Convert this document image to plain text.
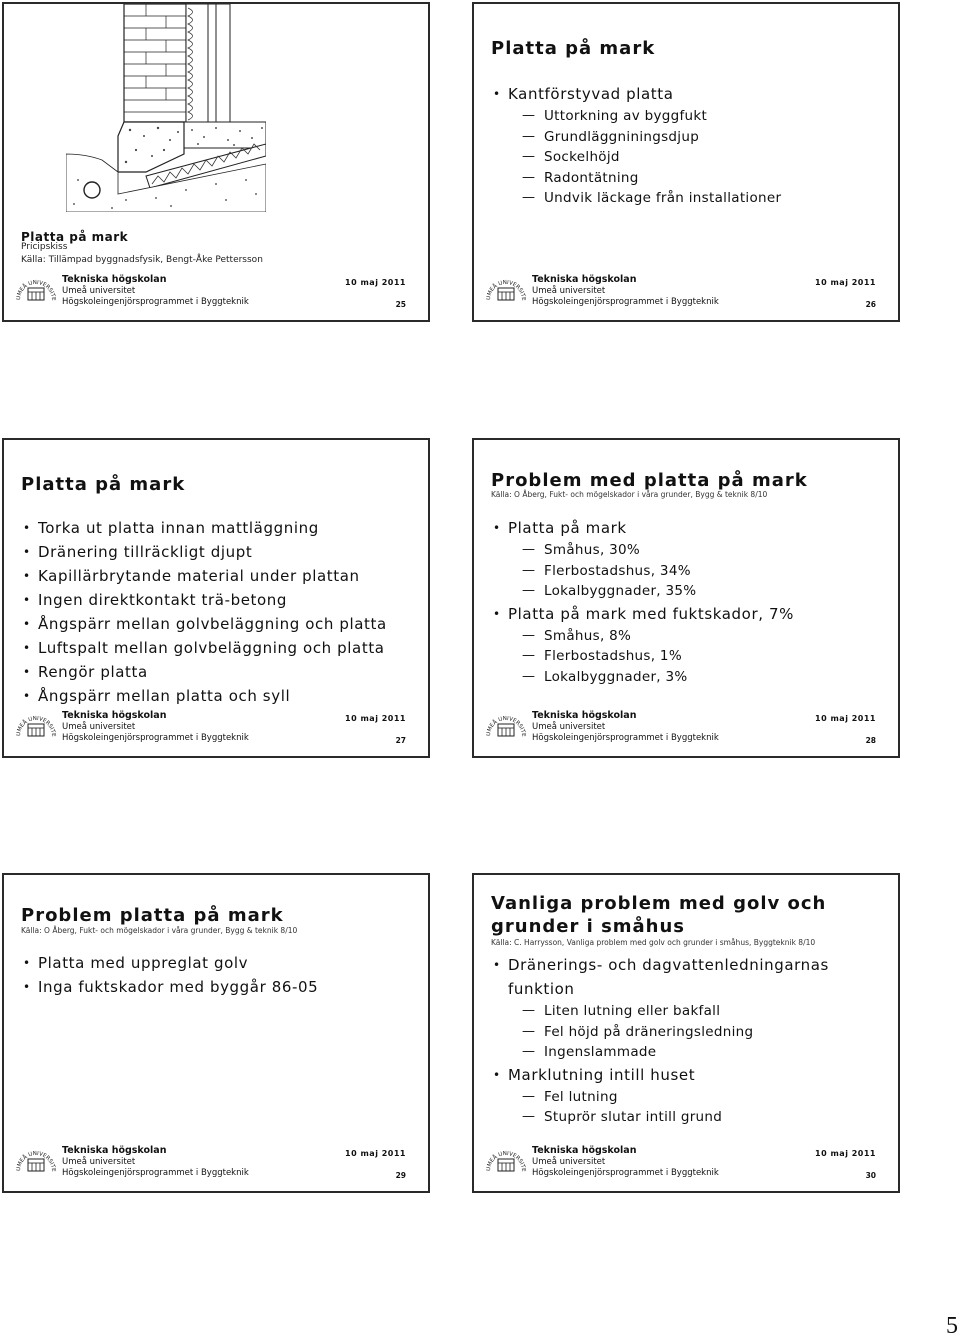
Pricipskiss

Källa: Tillämpad byggnadsfysik, Bengt-Åke Pettersson

Platta på mark
UMEÅ UNIVERSITE
Tekniska högskolan
Umeå universitet
Högskoleingenjörsprogrammet i Byggteknik
10 maj 2011
25
Platta på mark
• Kantförstyvad platta
— Uttorkning av byggfukt
— Grundläggniningsdjup
— Sockelhöjd
— Radontätning
— Undvik läckage från installationer
UMEÅ UNIVERSITE
Tekniska högskolan
Umeå universitet
Högskoleingenjörsprogrammet i Byggteknik
10 maj 2011
26
Platta på mark
• Torka ut platta innan mattläggning
• Dränering tillräckligt djupt
• Kapillärbrytande material under plattan
• Ingen direktkontakt trä-betong
• Ångspärr mellan golvbeläggning och platta
• Luftspalt mellan golvbeläggning och platta
• Rengör platta
• Ångspärr mellan platta och syll
UMEÅ UNIVERSITE
Tekniska högskolan
Umeå universitet
Högskoleingenjörsprogrammet i Byggteknik
10 maj 2011
27
Problem med platta på mark

Källa: O Åberg, Fukt- och mögelskador i våra grunder, Bygg & teknik 8/10

• Platta på mark
— Småhus, 30%
— Flerbostadshus, 34%
— Lokalbyggnader, 35%
• Platta på mark med fuktskador, 7%
— Småhus, 8%
— Flerbostadshus, 1%
— Lokalbyggnader, 3%
UMEÅ UNIVERSITE
Tekniska högskolan
Umeå universitet
Högskoleingenjörsprogrammet i Byggteknik
10 maj 2011
28
Problem platta på mark

Källa: O Åberg, Fukt- och mögelskador i våra grunder, Bygg & teknik 8/10

• Platta med uppreglat golv
• Inga fuktskador med byggår 86-05
UMEÅ UNIVERSITE
Tekniska högskolan
Umeå universitet
Högskoleingenjörsprogrammet i Byggteknik
10 maj 2011
29
Vanliga problem med golv och
grunder i småhus

Källa: C. Harrysson, Vanliga problem med golv och grunder i småhus, Byggteknik 8/10

• Dränerings- och dagvattenledningarnas
funktion
— Liten lutning eller bakfall
— Fel höjd på dräneringsledning
— Ingenslammade
• Marklutning intill huset
— Fel lutning
— Stuprör slutar intill grund
UMEÅ UNIVERSITE
Tekniska högskolan
Umeå universitet
Högskoleingenjörsprogrammet i Byggteknik
10 maj 2011
30
5
